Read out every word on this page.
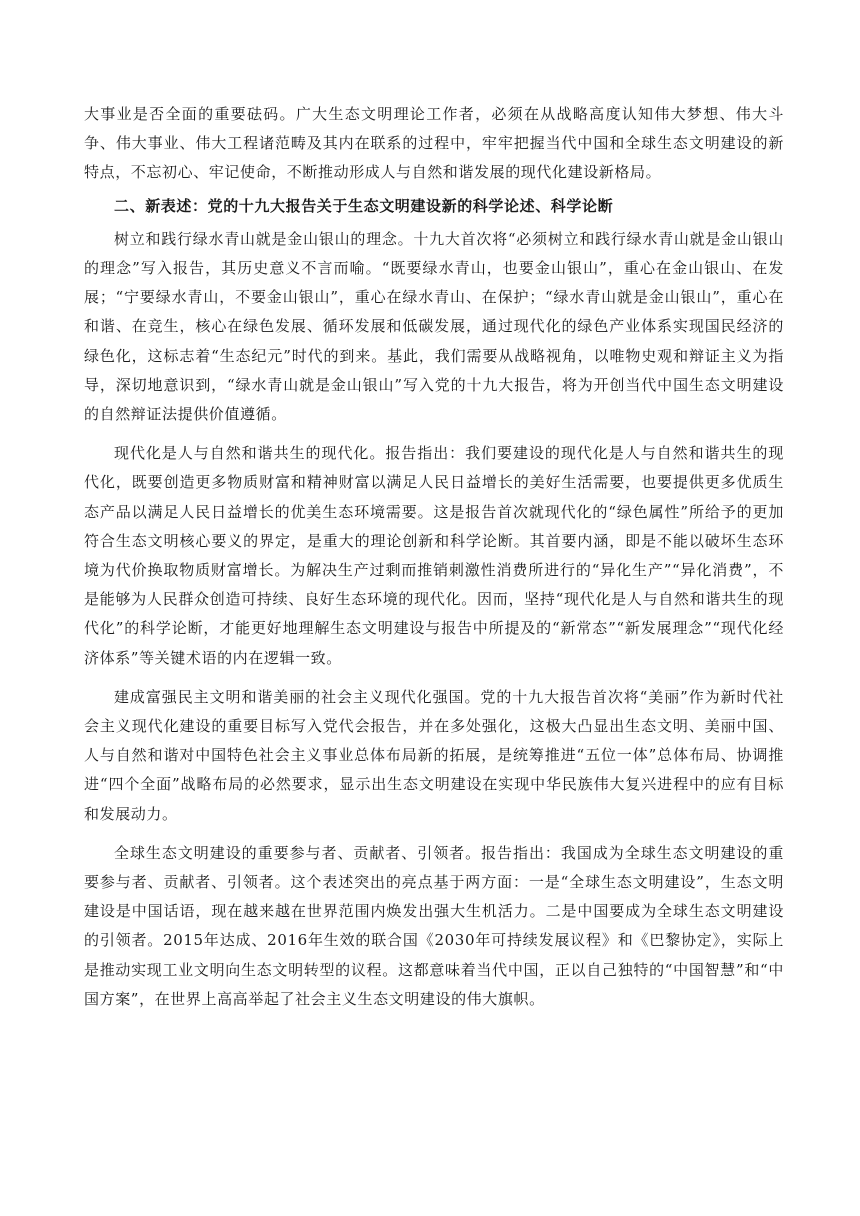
大事业是否全面的重要砝码。广大生态文明理论工作者，必须在从战略高度认知伟大梦想、伟大斗争、伟大事业、伟大工程诸范畴及其内在联系的过程中，牢牢把握当代中国和全球生态文明建设的新特点，不忘初心、牢记使命，不断推动形成人与自然和谐发展的现代化建设新格局。

二、新表述：党的十九大报告关于生态文明建设新的科学论述、科学论断

树立和践行绿水青山就是金山银山的理念。十九大首次将“必须树立和践行绿水青山就是金山银山的理念”写入报告，其历史意义不言而喻。“既要绿水青山，也要金山银山”，重心在金山银山、在发展；“宁要绿水青山，不要金山银山”，重心在绿水青山、在保护；“绿水青山就是金山银山”，重心在和谐、在竞生，核心在绿色发展、循环发展和低碳发展，通过现代化的绿色产业体系实现国民经济的绿色化，这标志着“生态纪元”时代的到来。基此，我们需要从战略视角，以唯物史观和辩证主义为指导，深切地意识到，“绿水青山就是金山银山”写入党的十九大报告，将为开创当代中国生态文明建设的自然辩证法提供价值遵循。

现代化是人与自然和谐共生的现代化。报告指出：我们要建设的现代化是人与自然和谐共生的现代化，既要创造更多物质财富和精神财富以满足人民日益增长的美好生活需要，也要提供更多优质生态产品以满足人民日益增长的优美生态环境需要。这是报告首次就现代化的“绿色属性”所给予的更加符合生态文明核心要义的界定，是重大的理论创新和科学论断。其首要内涵，即是不能以破坏生态环境为代价换取物质财富增长。为解决生产过剩而推销刺激性消费所进行的“异化生产”“异化消费”，不是能够为人民群众创造可持续、良好生态环境的现代化。因而，坚持“现代化是人与自然和谐共生的现代化”的科学论断，才能更好地理解生态文明建设与报告中所提及的“新常态”“新发展理念”“现代化经济体系”等关键术语的内在逻辑一致。

建成富强民主文明和谐美丽的社会主义现代化强国。党的十九大报告首次将“美丽”作为新时代社会主义现代化建设的重要目标写入党代会报告，并在多处强化，这极大凸显出生态文明、美丽中国、人与自然和谐对中国特色社会主义事业总体布局新的拓展，是统筹推进“五位一体”总体布局、协调推进“四个全面”战略布局的必然要求，显示出生态文明建设在实现中华民族伟大复兴进程中的应有目标和发展动力。

全球生态文明建设的重要参与者、贡献者、引领者。报告指出：我国成为全球生态文明建设的重要参与者、贡献者、引领者。这个表述突出的亮点基于两方面：一是“全球生态文明建设”，生态文明建设是中国话语，现在越来越在世界范围内焕发出强大生机活力。二是中国要成为全球生态文明建设的引领者。2015年达成、2016年生效的联合国《2030年可持续发展议程》和《巴黎协定》，实际上是推动实现工业文明向生态文明转型的议程。这都意味着当代中国，正以自己独特的“中国智慧”和“中国方案”，在世界上高高举起了社会主义生态文明建设的伟大旗帜。
